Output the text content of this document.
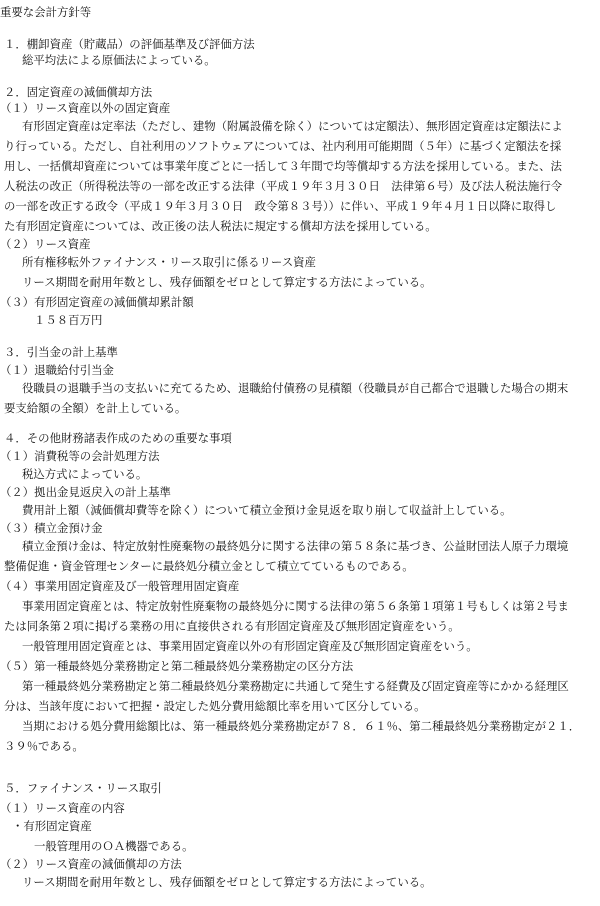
重要な会計方針等
１．棚卸資産（貯蔵品）の評価基準及び評価方法
総平均法による原価法によっている。
２．固定資産の減価償却方法
（１）リース資産以外の固定資産
有形固定資産は定率法（ただし、建物（附属設備を除く）については定額法）、無形固定資産は定額法によ
り行っている。ただし、自社利用のソフトウェアについては、社内利用可能期間（５年）に基づく定額法を採
用し、一括償却資産については事業年度ごとに一括して３年間で均等償却する方法を採用している。また、法
人税法の改正（所得税法等の一部を改正する法律（平成１９年３月３０日　法律第６号）及び法人税法施行令
の一部を改正する政令（平成１９年３月３０日　政令第８３号））に伴い、平成１９年４月１日以降に取得し
た有形固定資産については、改正後の法人税法に規定する償却方法を採用している。
（２）リース資産
所有権移転外ファイナンス・リース取引に係るリース資産
リース期間を耐用年数とし、残存価額をゼロとして算定する方法によっている。
（３）有形固定資産の減価償却累計額
１５８百万円
３．引当金の計上基準
（１）退職給付引当金
役職員の退職手当の支払いに充てるため、退職給付債務の見積額（役職員が自己都合で退職した場合の期末
要支給額の全額）を計上している。
４．その他財務諸表作成のための重要な事項
（１）消費税等の会計処理方法
税込方式によっている。
（２）拠出金見返戻入の計上基準
費用計上額（減価償却費等を除く）について積立金預け金見返を取り崩して収益計上している。
（３）積立金預け金
積立金預け金は、特定放射性廃棄物の最終処分に関する法律の第５８条に基づき、公益財団法人原子力環境
整備促進・資金管理センターに最終処分積立金として積立てているものである。
（４）事業用固定資産及び一般管理用固定資産
事業用固定資産とは、特定放射性廃棄物の最終処分に関する法律の第５６条第１項第１号もしくは第２号ま
たは同条第２項に掲げる業務の用に直接供される有形固定資産及び無形固定資産をいう。
一般管理用固定資産とは、事業用固定資産以外の有形固定資産及び無形固定資産をいう。
（５）第一種最終処分業務勘定と第二種最終処分業務勘定の区分方法
第一種最終処分業務勘定と第二種最終処分業務勘定に共通して発生する経費及び固定資産等にかかる経理区
分は、当該年度において把握・設定した処分費用総額比率を用いて区分している。
当期における処分費用総額比は、第一種最終処分業務勘定が７８．６１％、第二種最終処分業務勘定が２１．
３９％である。
５．ファイナンス・リース取引
（１）リース資産の内容
・有形固定資産
一般管理用のＯＡ機器である。
（２）リース資産の減価償却の方法
リース期間を耐用年数とし、残存価額をゼロとして算定する方法によっている。
